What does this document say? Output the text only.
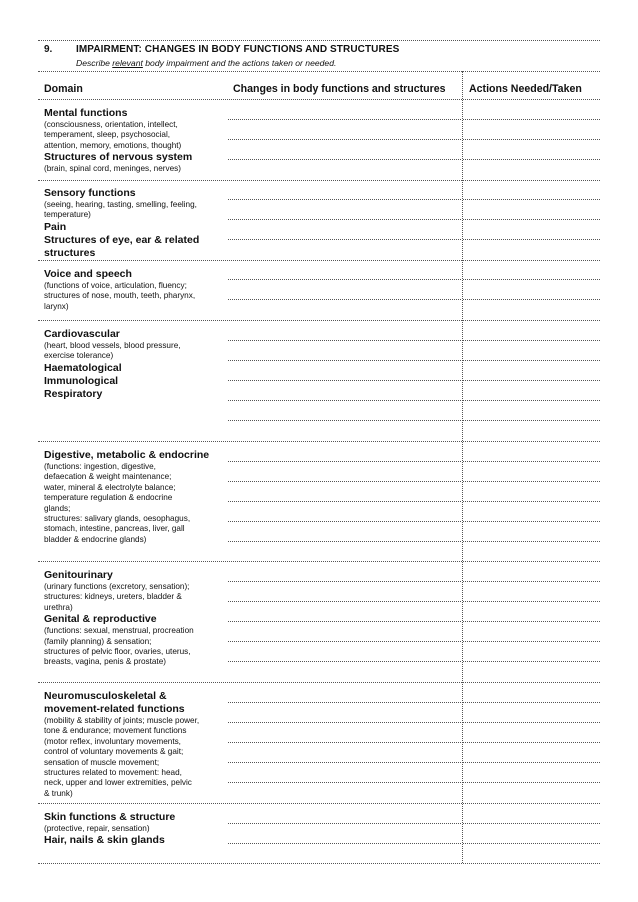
9. IMPAIRMENT: CHANGES IN BODY FUNCTIONS AND STRUCTURES
Describe relevant body impairment and the actions taken or needed.
Domain	Changes in body functions and structures Actions Needed/Taken
Mental functions
(consciousness, orientation, intellect,
temperament, sleep, psychosocial,
attention, memory, emotions, thought)
Structures of nervous system
(brain, spinal cord, meninges, nerves)
Sensory functions
(seeing, hearing, tasting, smelling, feeling,
temperature)
Pain
Structures of eye, ear & related
structures
Voice and speech
(functions of voice, articulation, fluency;
structures of nose, mouth, teeth, pharynx,
larynx)
Cardiovascular
(heart, blood vessels, blood pressure,
exercise tolerance)
Haematological
Immunological
Respiratory
Digestive, metabolic & endocrine
(functions: ingestion, digestive,
defaecation & weight maintenance;
water, mineral & electrolyte balance;
temperature regulation & endocrine
glands;
structures: salivary glands, oesophagus,
stomach, intestine, pancreas, liver, gall
bladder & endocrine glands)
Genitourinary
(urinary functions (excretory, sensation);
structures: kidneys, ureters, bladder &
urethra)
Genital & reproductive
(functions: sexual, menstrual, procreation
(family planning) & sensation;
structures of pelvic floor, ovaries, uterus,
breasts, vagina, penis & prostate)
Neuromusculoskeletal &
movement-related functions
(mobility & stability of joints; muscle power,
tone & endurance; movement functions
(motor reflex, involuntary movements,
control of voluntary movements & gait;
sensation of muscle movement;
structures related to movement: head,
neck, upper and lower extremities, pelvic
& trunk)
Skin functions & structure
(protective, repair, sensation)
Hair, nails & skin glands
